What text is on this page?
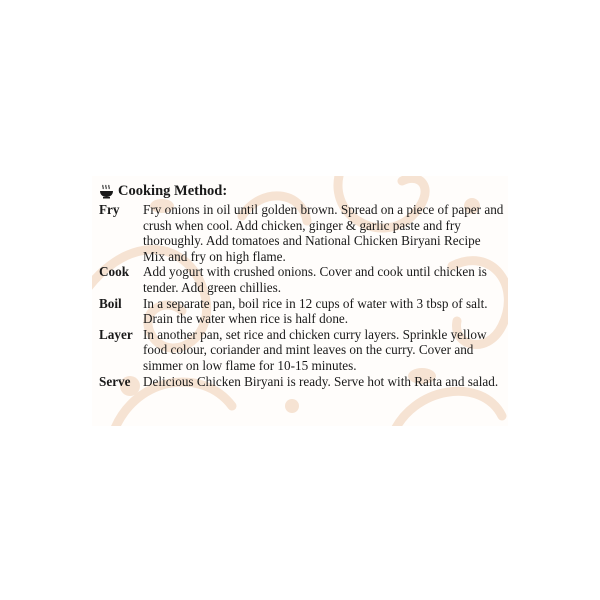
Cooking Method:
Fry	Fry onions in oil until golden brown. Spread on a piece of paper and crush when cool. Add chicken, ginger & garlic paste and fry thoroughly. Add tomatoes and National Chicken Biryani Recipe Mix and fry on high flame.
Cook	Add yogurt with crushed onions. Cover and cook until chicken is tender. Add green chillies.
Boil	In a separate pan, boil rice in 12 cups of water with 3 tbsp of salt. Drain the water when rice is half done.
Layer In another pan, set rice and chicken curry layers. Sprinkle yellow food colour, coriander and mint leaves on the curry. Cover and simmer on low flame for 10-15 minutes.
Serve Delicious Chicken Biryani is ready. Serve hot with Raita and salad.
